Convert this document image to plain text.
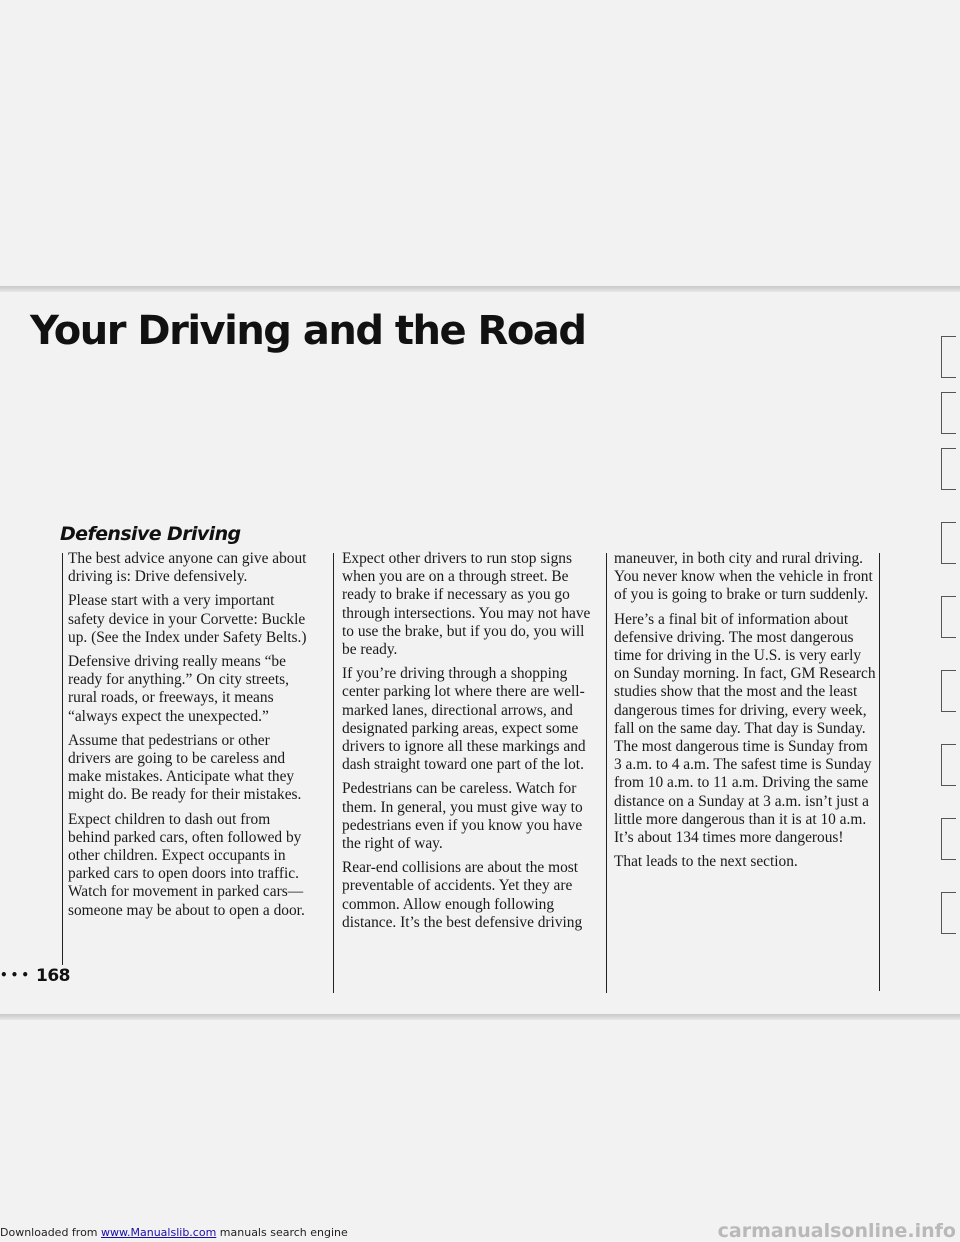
Your Driving and the Road
Defensive Driving

The best advice anyone can give about driving is: Drive defensively.

Please start with a very important safety device in your Corvette: Buckle up. (See the Index under Safety Belts.)

Defensive driving really means “be ready for anything.” On city streets, rural roads, or freeways, it means “always expect the unexpected.”

Assume that pedestrians or other drivers are going to be careless and make mistakes. Anticipate what they might do. Be ready for their mistakes.

Expect children to dash out from behind parked cars, often followed by other children. Expect occupants in parked cars to open doors into traffic. Watch for movement in parked cars—someone may be about to open a door.

Expect other drivers to run stop signs when you are on a through street. Be ready to brake if necessary as you go through intersections. You may not have to use the brake, but if you do, you will be ready.

If you’re driving through a shopping center parking lot where there are well-marked lanes, directional arrows, and designated parking areas, expect some drivers to ignore all these markings and dash straight toward one part of the lot.

Pedestrians can be careless. Watch for them. In general, you must give way to pedestrians even if you know you have the right of way.

Rear-end collisions are about the most preventable of accidents. Yet they are common. Allow enough following distance. It’s the best defensive driving

maneuver, in both city and rural driving. You never know when the vehicle in front of you is going to brake or turn suddenly.

Here’s a final bit of information about defensive driving. The most dangerous time for driving in the U.S. is very early on Sunday morning. In fact, GM Research studies show that the most and the least dangerous times for driving, every week, fall on the same day. That day is Sunday. The most dangerous time is Sunday from 3 a.m. to 4 a.m. The safest time is Sunday from 10 a.m. to 11 a.m. Driving the same distance on a Sunday at 3 a.m. isn’t just a little more dangerous than it is at 10 a.m. It’s about 134 times more dangerous!

That leads to the next section.

••• 168
Downloaded from www.Manualslib.com manuals search engine	carmanualsonline.info
